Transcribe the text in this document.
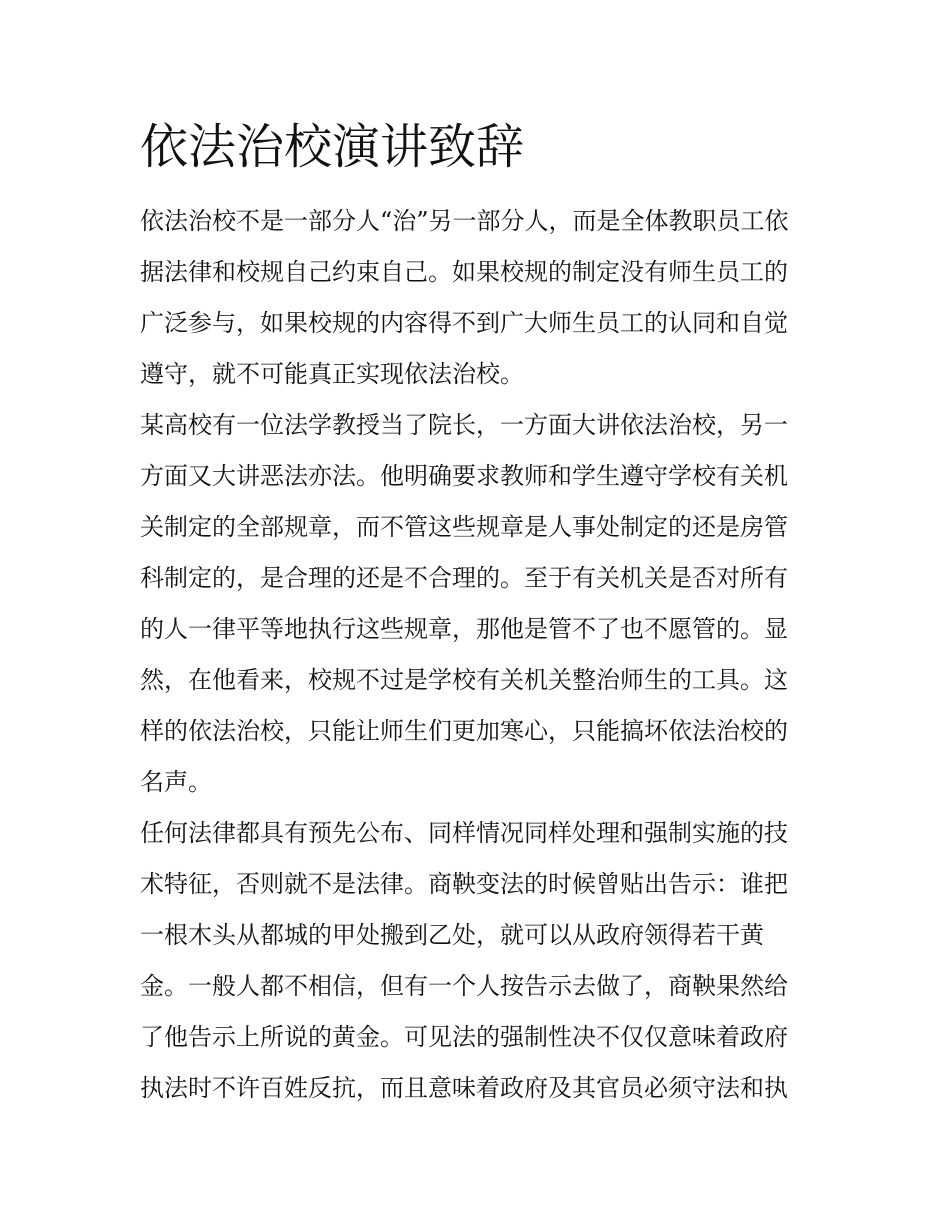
依法治校演讲致辞
依法治校不是一部分人“治”另一部分人，而是全体教职员工依
据法律和校规自己约束自己。如果校规的制定没有师生员工的
广泛参与，如果校规的内容得不到广大师生员工的认同和自觉
遵守，就不可能真正实现依法治校。
某高校有一位法学教授当了院长，一方面大讲依法治校，另一
方面又大讲恶法亦法。他明确要求教师和学生遵守学校有关机
关制定的全部规章，而不管这些规章是人事处制定的还是房管
科制定的，是合理的还是不合理的。至于有关机关是否对所有
的人一律平等地执行这些规章，那他是管不了也不愿管的。显
然，在他看来，校规不过是学校有关机关整治师生的工具。这
样的依法治校，只能让师生们更加寒心，只能搞坏依法治校的
名声。
任何法律都具有预先公布、同样情况同样处理和强制实施的技
术特征，否则就不是法律。商鞅变法的时候曾贴出告示：谁把
一根木头从都城的甲处搬到乙处，就可以从政府领得若干黄
金。一般人都不相信，但有一个人按告示去做了，商鞅果然给
了他告示上所说的黄金。可见法的强制性决不仅仅意味着政府
执法时不许百姓反抗，而且意味着政府及其官员必须守法和执
